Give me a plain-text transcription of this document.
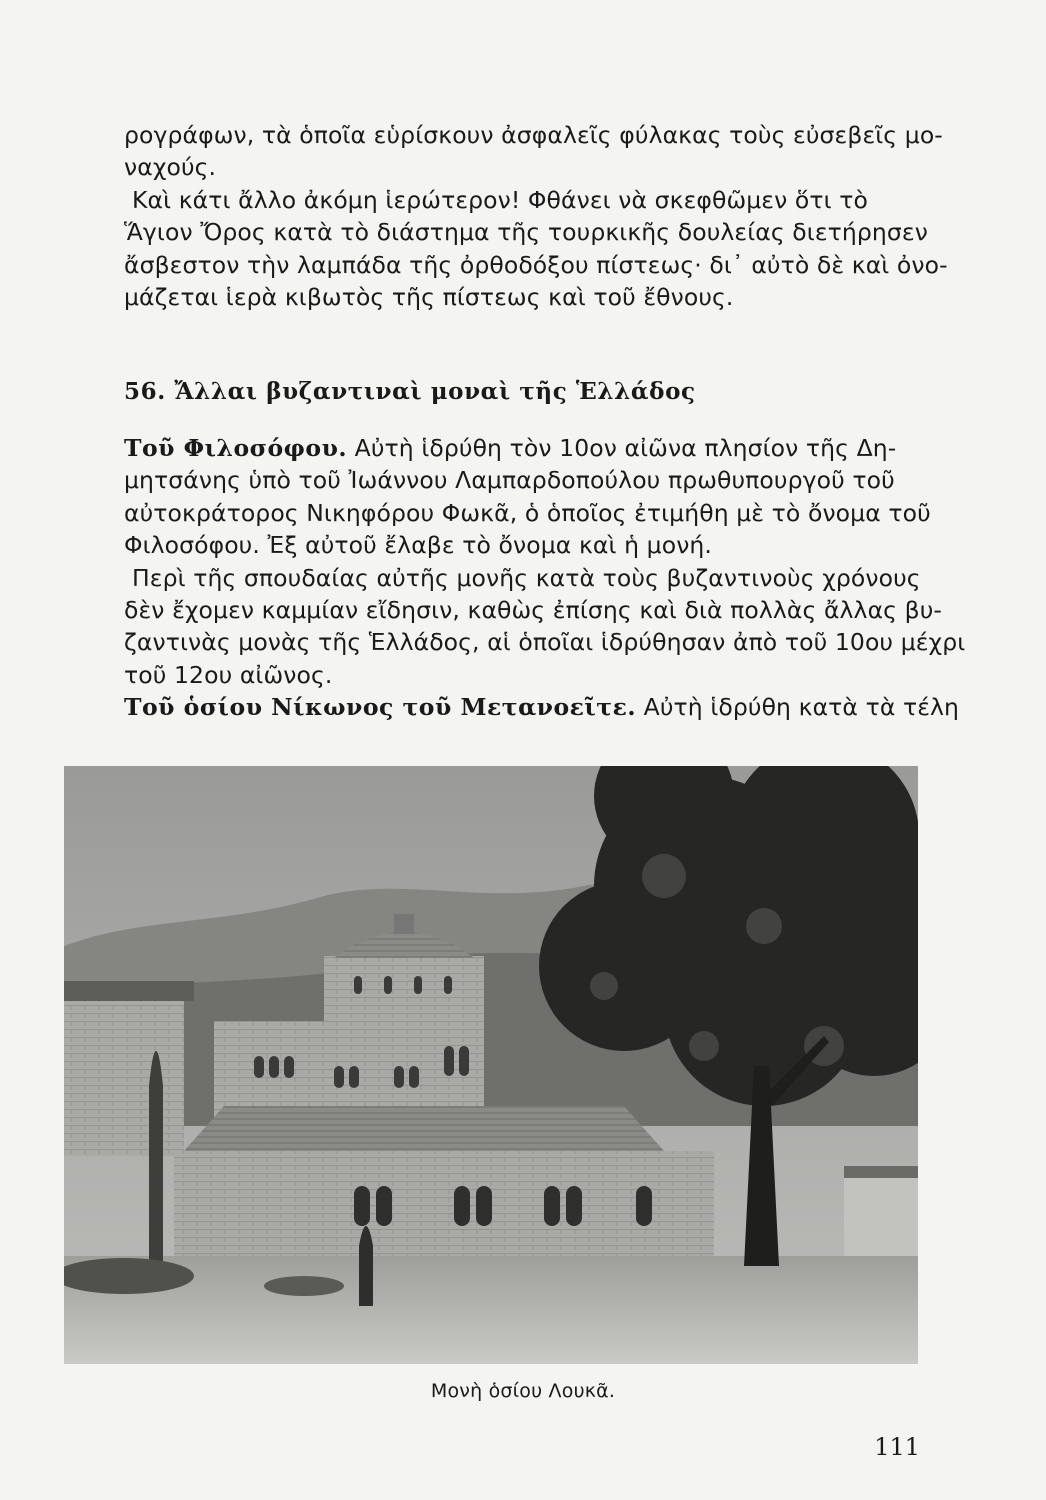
ρογράφων, τὰ ὁποῖα εὑρίσκουν ἀσφαλεῖς φύλακας τοὺς εὐσεβεῖς μο-
ναχούς.
Καὶ κάτι ἄλλο ἀκόμη ἱερώτερον! Φθάνει νὰ σκεφθῶμεν ὅτι τὸ
Ἅγιον Ὄρος κατὰ τὸ διάστημα τῆς τουρκικῆς δουλείας διετήρησεν
ἄσβεστον τὴν λαμπάδα τῆς ὀρθοδόξου πίστεως· δι᾽ αὐτὸ δὲ καὶ ὀνο-
μάζεται ἱερὰ κιβωτὸς τῆς πίστεως καὶ τοῦ ἔθνους.
56. Ἄλλαι βυζαντιναὶ μοναὶ τῆς Ἑλλάδος
Τοῦ Φιλοσόφου. Αὐτὴ ἱδρύθη τὸν 10ον αἰῶνα πλησίον τῆς Δη-
μητσάνης ὑπὸ τοῦ Ἰωάννου Λαμπαρδοπούλου πρωθυπουργοῦ τοῦ
αὐτοκράτορος Νικηφόρου Φωκᾶ, ὁ ὁποῖος ἐτιμήθη μὲ τὸ ὄνομα τοῦ
Φιλοσόφου. Ἐξ αὐτοῦ ἔλαβε τὸ ὄνομα καὶ ἡ μονή.
Περὶ τῆς σπουδαίας αὐτῆς μονῆς κατὰ τοὺς βυζαντινοὺς χρόνους
δὲν ἔχομεν καμμίαν εἴδησιν, καθὼς ἐπίσης καὶ διὰ πολλὰς ἄλλας βυ-
ζαντινὰς μονὰς τῆς Ἑλλάδος, αἱ ὁποῖαι ἱδρύθησαν ἀπὸ τοῦ 10ου μέχρι
τοῦ 12ου αἰῶνος.
Τοῦ ὁσίου Νίκωνος τοῦ Μετανοεῖτε. Αὐτὴ ἱδρύθη κατὰ τὰ τέλη
Μονὴ ὁσίου Λουκᾶ.
111
